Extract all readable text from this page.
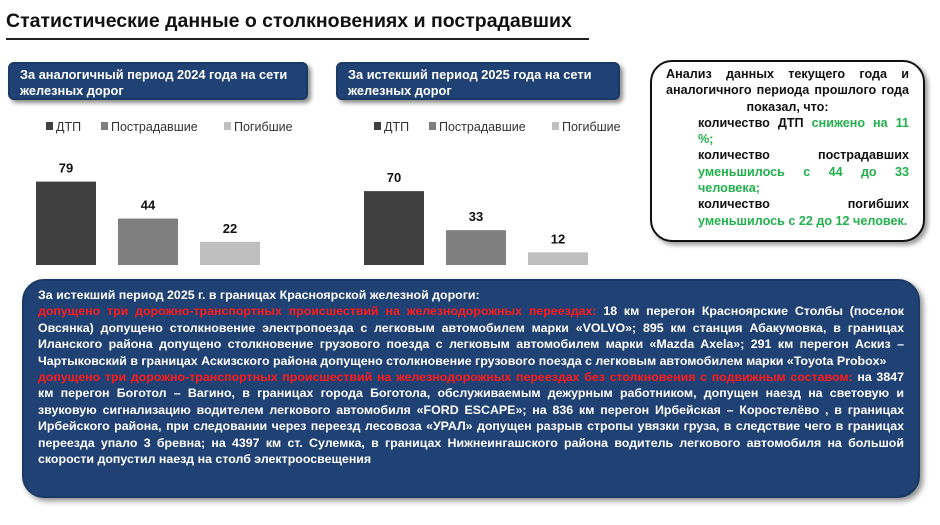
Статистические данные о столкновениях и пострадавших
За аналогичный период 2024 года на сети железных дорог
За истекший период 2025 года на сети железных дорог
ДТП Пострадавшие	Погибшие
79
44
22
ДТП Пострадавшие	Погибшие
70
33
12
Анализ данных текущего года и аналогичного периода прошлого года показал, что:
количество ДТП снижено на 11 %;
количество пострадавших уменьшилось с 44 до 33 человека;
количество погибших уменьшилось с 22 до 12 человек.
За истекший период 2025 г. в границах Красноярской железной дороги:

допущено три дорожно-транспортных происшествий на железнодорожных переездах: 18 км перегон Красноярские Столбы (поселок Овсянка) допущено столкновение электропоезда с легковым автомобилем марки «VOLVO»; 895 км станция Абакумовка, в границах Иланского района допущено столкновение грузового поезда с легковым автомобилем марки «Mazda Axela»; 291 км перегон Аскиз – Чартыковский в границах Аскизского района допущено столкновение грузового поезда с легковым автомобилем марки «Toyota Probox»

допущено три дорожно-транспортных происшествий на железнодорожных переездах без столкновения с подвижным составом: на 3847 км перегон Боготол – Вагино, в границах города Боготола, обслуживаемым дежурным работником, допущен наезд на световую и звуковую сигнализацию водителем легкового автомобиля «FORD ESCAPE»; на 836 км перегон Ирбейская – Коростелёво , в границах Ирбейского района, при следовании через переезд лесовоза «УРАЛ» допущен разрыв стропы увязки груза, в следствие чего в границах переезда упало 3 бревна; на 4397 км ст. Сулемка, в границах Нижнеингашского района водитель легкового автомобиля на большой скорости допустил наезд на столб электроосвещения
